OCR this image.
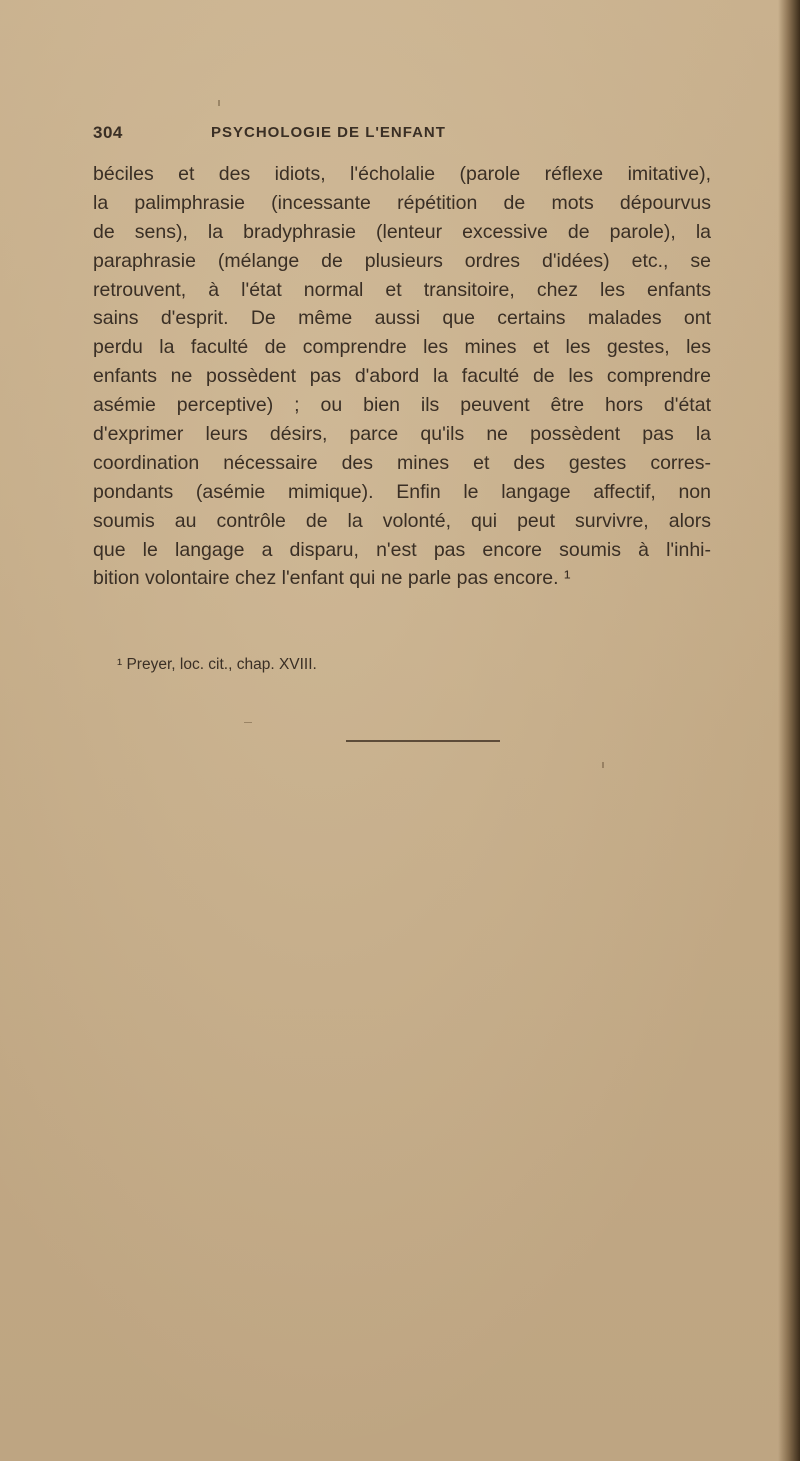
304	PSYCHOLOGIE DE L'ENFANT
béciles et des idiots, l'écholalie (parole réflexe imitative),
la palimphrasie (incessante répétition de mots dépourvus
de sens), la bradyphrasie (lenteur excessive de parole), la
paraphrasie (mélange de plusieurs ordres d'idées) etc., se
retrouvent, à l'état normal et transitoire, chez les enfants
sains d'esprit. De même aussi que certains malades ont
perdu la faculté de comprendre les mines et les gestes, les
enfants ne possèdent pas d'abord la faculté de les comprendre
asémie perceptive) ; ou bien ils peuvent être hors d'état
d'exprimer leurs désirs, parce qu'ils ne possèdent pas la
coordination nécessaire des mines et des gestes corres-
pondants (asémie mimique). Enfin le langage affectif, non
soumis au contrôle de la volonté, qui peut survivre, alors
que le langage a disparu, n'est pas encore soumis à l'inhi-
bition volontaire chez l'enfant qui ne parle pas encore. ¹
¹ Preyer, loc. cit., chap. XVIII.
